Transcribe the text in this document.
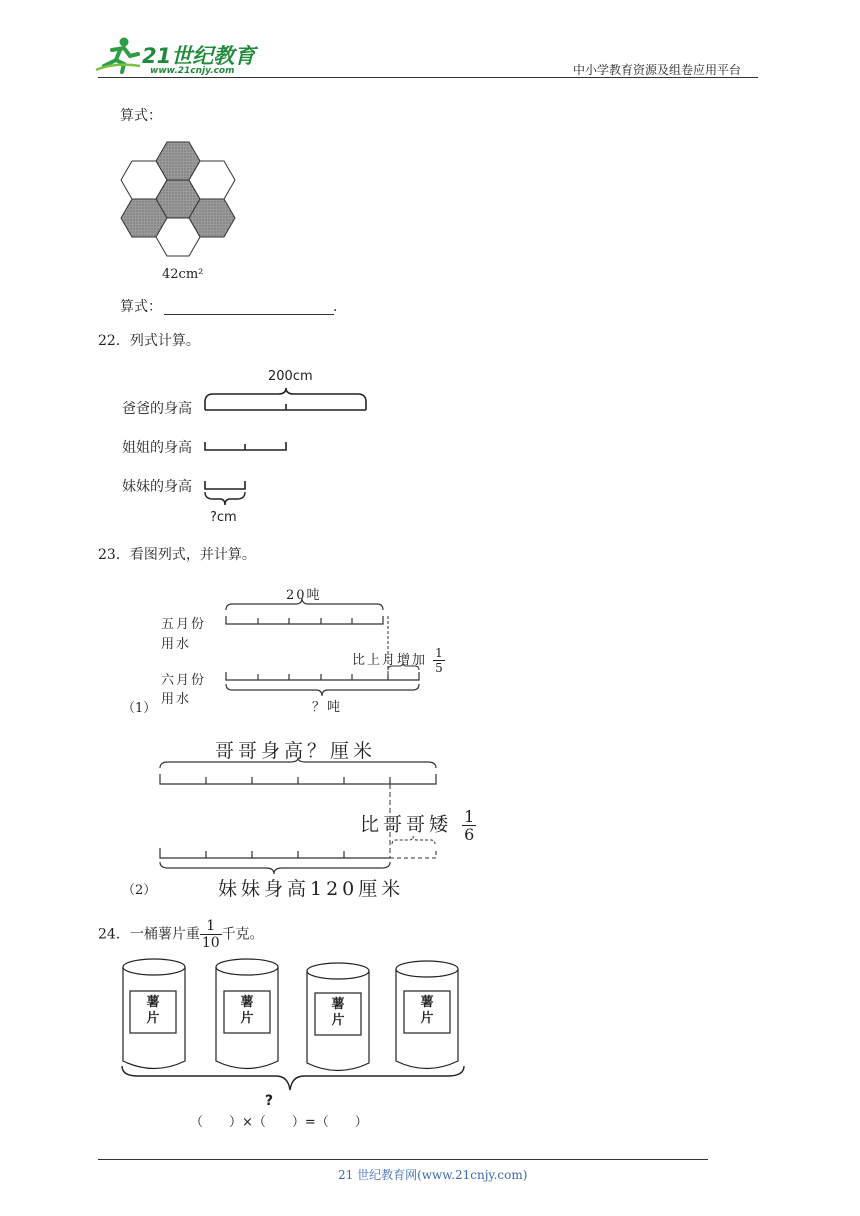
21世纪教育
www.21cnjy.com	中小学教育资源及组卷应用平台
算式：
42cm²
算式：	.
22．列式计算。
200cm
爸爸的身高
姐姐的身高
妹妹的身高
?cm
23．看图列式，并计算。
20吨
五月份
用水
六月份
用水
比上月增加 $\frac{1}{5}$
？吨
（1）
哥哥身高？厘米
比哥哥矮 $\frac{1}{6}$
妹妹身高120厘米
（2）
24．一桶薯片重 $\frac{1}{10}$ 千克。
薯
片
薯
片
薯
片
薯
片
?
（　　）×（　　）=（　　）
21 世纪教育网(www.21cnjy.com)
